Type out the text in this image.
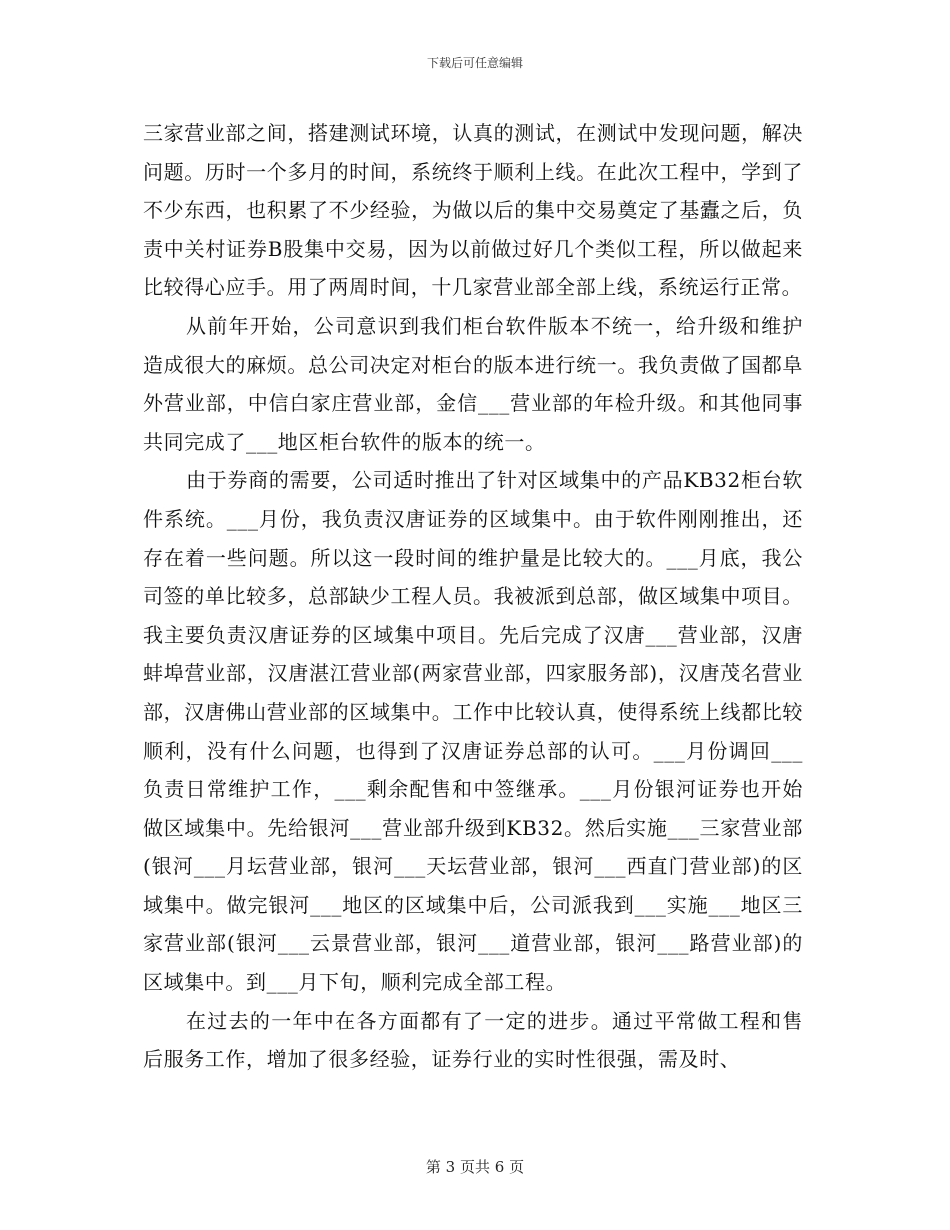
下载后可任意编辑

三家营业部之间，搭建测试环境，认真的测试，在测试中发现问题，解决问题。历时一个多月的时间，系统终于顺利上线。在此次工程中，学到了不少东西，也积累了不少经验，为做以后的集中交易奠定了基蠹之后，负责中关村证券B股集中交易，因为以前做过好几个类似工程，所以做起来比较得心应手。用了两周时间，十几家营业部全部上线，系统运行正常。

从前年开始，公司意识到我们柜台软件版本不统一，给升级和维护造成很大的麻烦。总公司决定对柜台的版本进行统一。我负责做了国都阜外营业部，中信白家庄营业部，金信___营业部的年检升级。和其他同事共同完成了___地区柜台软件的版本的统一。

由于券商的需要，公司适时推出了针对区域集中的产品KB32柜台软件系统。___月份，我负责汉唐证券的区域集中。由于软件刚刚推出，还存在着一些问题。所以这一段时间的维护量是比较大的。___月底，我公司签的单比较多，总部缺少工程人员。我被派到总部，做区域集中项目。我主要负责汉唐证券的区域集中项目。先后完成了汉唐___营业部，汉唐蚌埠营业部，汉唐湛江营业部(两家营业部，四家服务部)，汉唐茂名营业部，汉唐佛山营业部的区域集中。工作中比较认真，使得系统上线都比较顺利，没有什么问题，也得到了汉唐证券总部的认可。___月份调回___负责日常维护工作，___剩余配售和中签继承。___月份银河证券也开始做区域集中。先给银河___营业部升级到KB32。然后实施___三家营业部(银河___月坛营业部，银河___天坛营业部，银河___西直门营业部)的区域集中。做完银河___地区的区域集中后，公司派我到___实施___地区三家营业部(银河___云景营业部，银河___道营业部，银河___路营业部)的区域集中。到___月下旬，顺利完成全部工程。

在过去的一年中在各方面都有了一定的进步。通过平常做工程和售后服务工作，增加了很多经验，证券行业的实时性很强，需及时、

第 3 页共 6 页
